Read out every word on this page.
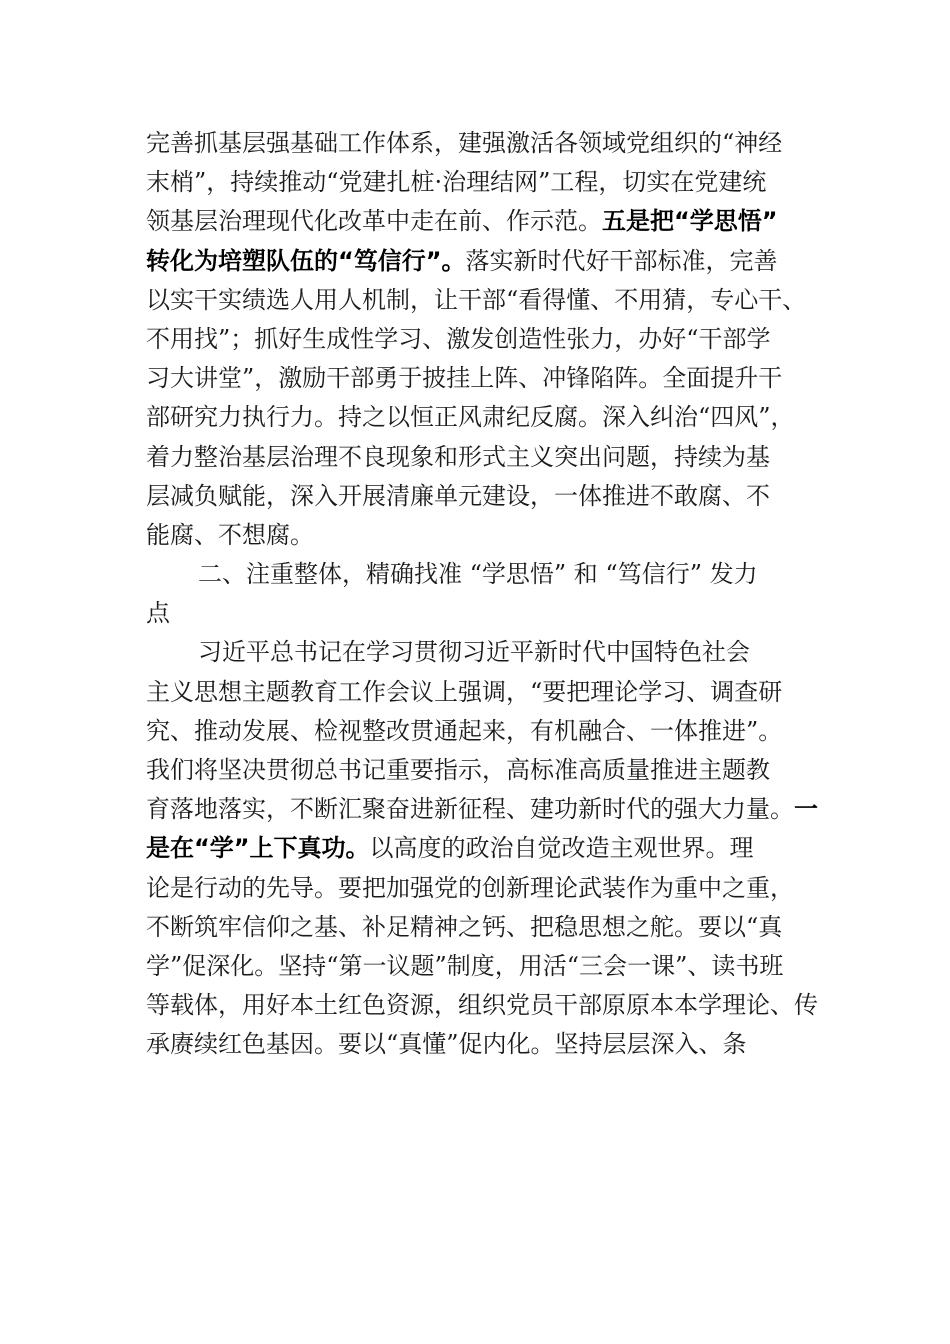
完善抓基层强基础工作体系，建强激活各领域党组织的“神经
末梢”，持续推动“党建扎桩·治理结网”工程，切实在党建统
领基层治理现代化改革中走在前、作示范。五是把“学思悟”
转化为培塑队伍的“笃信行”。落实新时代好干部标准，完善
以实干实绩选人用人机制，让干部“看得懂、不用猜，专心干、
不用找”；抓好生成性学习、激发创造性张力，办好“干部学
习大讲堂”，激励干部勇于披挂上阵、冲锋陷阵。全面提升干
部研究力执行力。持之以恒正风肃纪反腐。深入纠治“四风”，
着力整治基层治理不良现象和形式主义突出问题，持续为基
层减负赋能，深入开展清廉单元建设，一体推进不敢腐、不
能腐、不想腐。
二、注重整体，精确找准 “学思悟” 和 “笃信行” 发力
点
习近平总书记在学习贯彻习近平新时代中国特色社会
主义思想主题教育工作会议上强调，“要把理论学习、调查研
究、推动发展、检视整改贯通起来，有机融合、一体推进”。
我们将坚决贯彻总书记重要指示，高标准高质量推进主题教
育落地落实，不断汇聚奋进新征程、建功新时代的强大力量。一
是在“学”上下真功。以高度的政治自觉改造主观世界。理
论是行动的先导。要把加强党的创新理论武装作为重中之重，
不断筑牢信仰之基、补足精神之钙、把稳思想之舵。要以“真
学”促深化。坚持“第一议题”制度，用活“三会一课”、读书班
等载体，用好本土红色资源，组织党员干部原原本本学理论、传
承赓续红色基因。要以“真懂”促内化。坚持层层深入、条
